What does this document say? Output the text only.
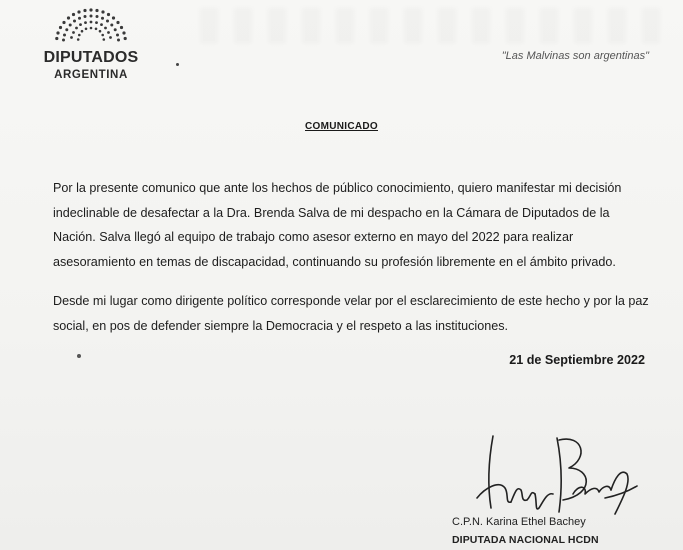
DIPUTADOS
ARGENTINA
"Las Malvinas son argentinas"
COMUNICADO
Por la presente comunico que ante los hechos de público conocimiento, quiero manifestar mi decisión indeclinable de desafectar a la Dra. Brenda Salva de mi despacho en la Cámara de Diputados de la Nación. Salva llegó al equipo de trabajo como asesor externo en mayo del 2022 para realizar asesoramiento en temas de discapacidad, continuando su profesión libremente en el ámbito privado.
Desde mi lugar como dirigente político corresponde velar por el esclarecimiento de este hecho y por la paz social, en pos de defender siempre la Democracia y el respeto a las instituciones.
21 de Septiembre 2022
C.P.N. Karina Ethel Bachey
DIPUTADA NACIONAL HCDN
